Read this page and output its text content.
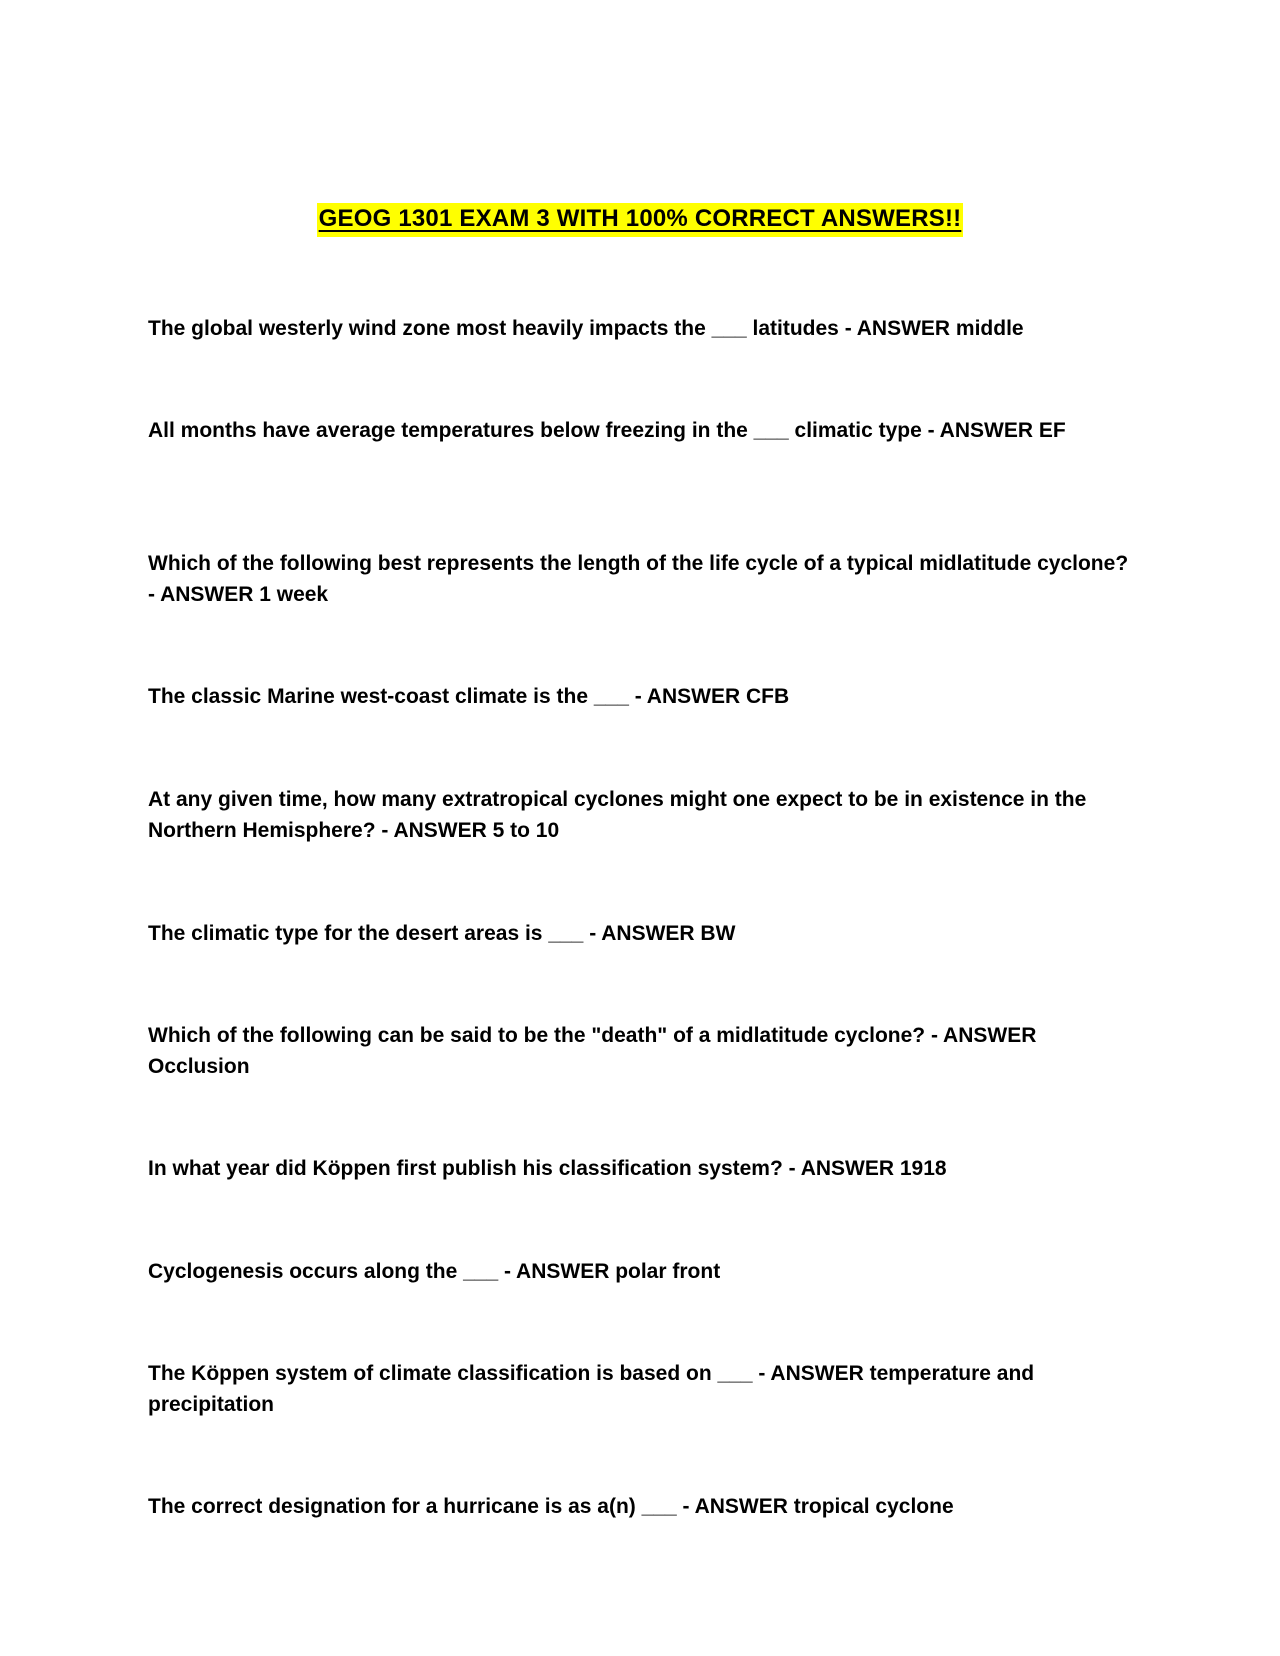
GEOG 1301 EXAM 3 WITH 100% CORRECT ANSWERS!!
The global westerly wind zone most heavily impacts the ___ latitudes - ANSWER middle
All months have average temperatures below freezing in the ___ climatic type - ANSWER EF
Which of the following best represents the length of the life cycle of a typical midlatitude cyclone? - ANSWER 1 week
The classic Marine west-coast climate is the ___ - ANSWER CFB
At any given time, how many extratropical cyclones might one expect to be in existence in the Northern Hemisphere? - ANSWER 5 to 10
The climatic type for the desert areas is ___ - ANSWER BW
Which of the following can be said to be the "death" of a midlatitude cyclone? - ANSWER Occlusion
In what year did Köppen first publish his classification system? - ANSWER 1918
Cyclogenesis occurs along the ___ - ANSWER polar front
The Köppen system of climate classification is based on ___ - ANSWER temperature and precipitation
The correct designation for a hurricane is as a(n) ___ - ANSWER tropical cyclone
